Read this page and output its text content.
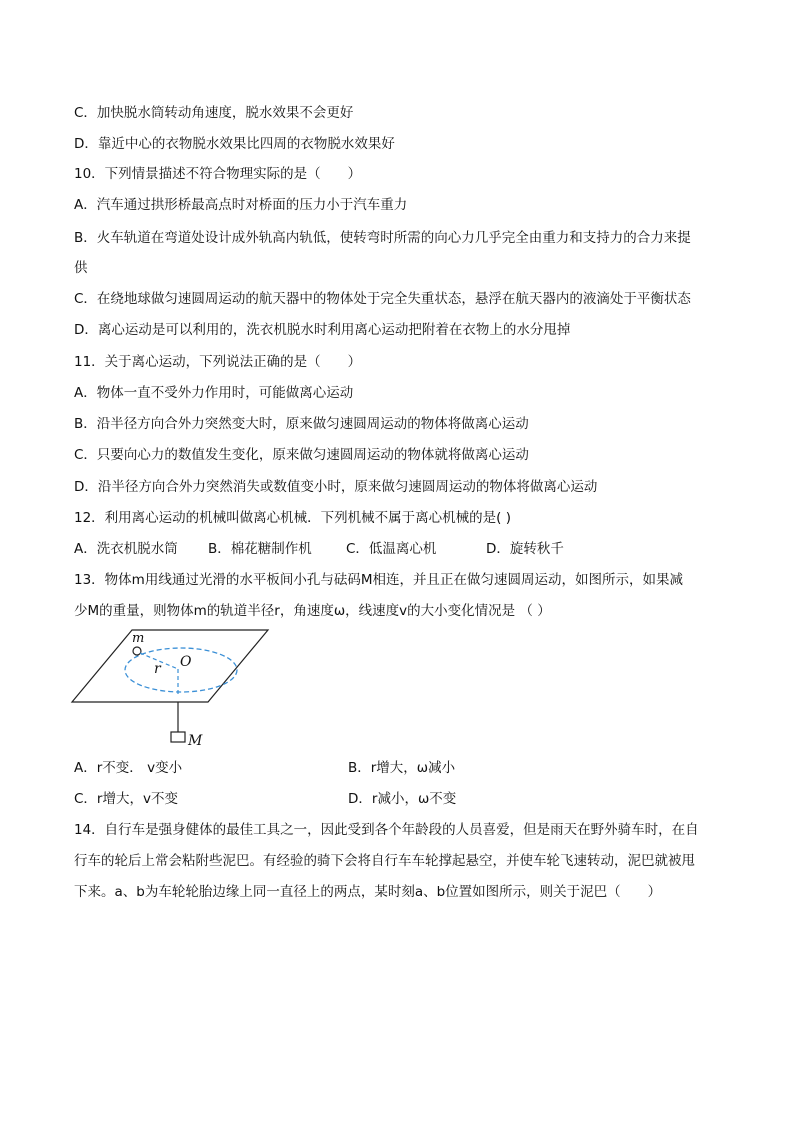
C．加快脱水筒转动角速度，脱水效果不会更好
D．靠近中心的衣物脱水效果比四周的衣物脱水效果好
10．下列情景描述不符合物理实际的是（　　）
A．汽车通过拱形桥最高点时对桥面的压力小于汽车重力
B．火车轨道在弯道处设计成外轨高内轨低，使转弯时所需的向心力几乎完全由重力和支持力的合力来提
供
C．在绕地球做匀速圆周运动的航天器中的物体处于完全失重状态，悬浮在航天器内的液滴处于平衡状态
D．离心运动是可以利用的，洗衣机脱水时利用离心运动把附着在衣物上的水分甩掉
11．关于离心运动，下列说法正确的是（　　）
A．物体一直不受外力作用时，可能做离心运动
B．沿半径方向合外力突然变大时，原来做匀速圆周运动的物体将做离心运动
C．只要向心力的数值发生变化，原来做匀速圆周运动的物体就将做离心运动
D．沿半径方向合外力突然消失或数值变小时，原来做匀速圆周运动的物体将做离心运动
12．利用离心运动的机械叫做离心机械．下列机械不属于离心机械的是( )
A．洗衣机脱水筒 B．棉花糖制作机	C．低温离心机	D．旋转秋千
13．物体m用线通过光滑的水平板间小孔与砝码M相连，并且正在做匀速圆周运动，如图所示，如果减
少M的重量，则物体m的轨道半径r，角速度ω，线速度v的大小变化情况是 （ ）
m
r O
M
A．r不变． v变小	B．r增大，ω减小
C．r增大，v不变	D．r减小，ω不变
14．自行车是强身健体的最佳工具之一，因此受到各个年龄段的人员喜爱，但是雨天在野外骑车时，在自
行车的轮后上常会粘附些泥巴。有经验的骑下会将自行车车轮撑起悬空，并使车轮飞速转动，泥巴就被甩
下来。a、b为车轮轮胎边缘上同一直径上的两点，某时刻a、b位置如图所示，则关于泥巴（　　）
